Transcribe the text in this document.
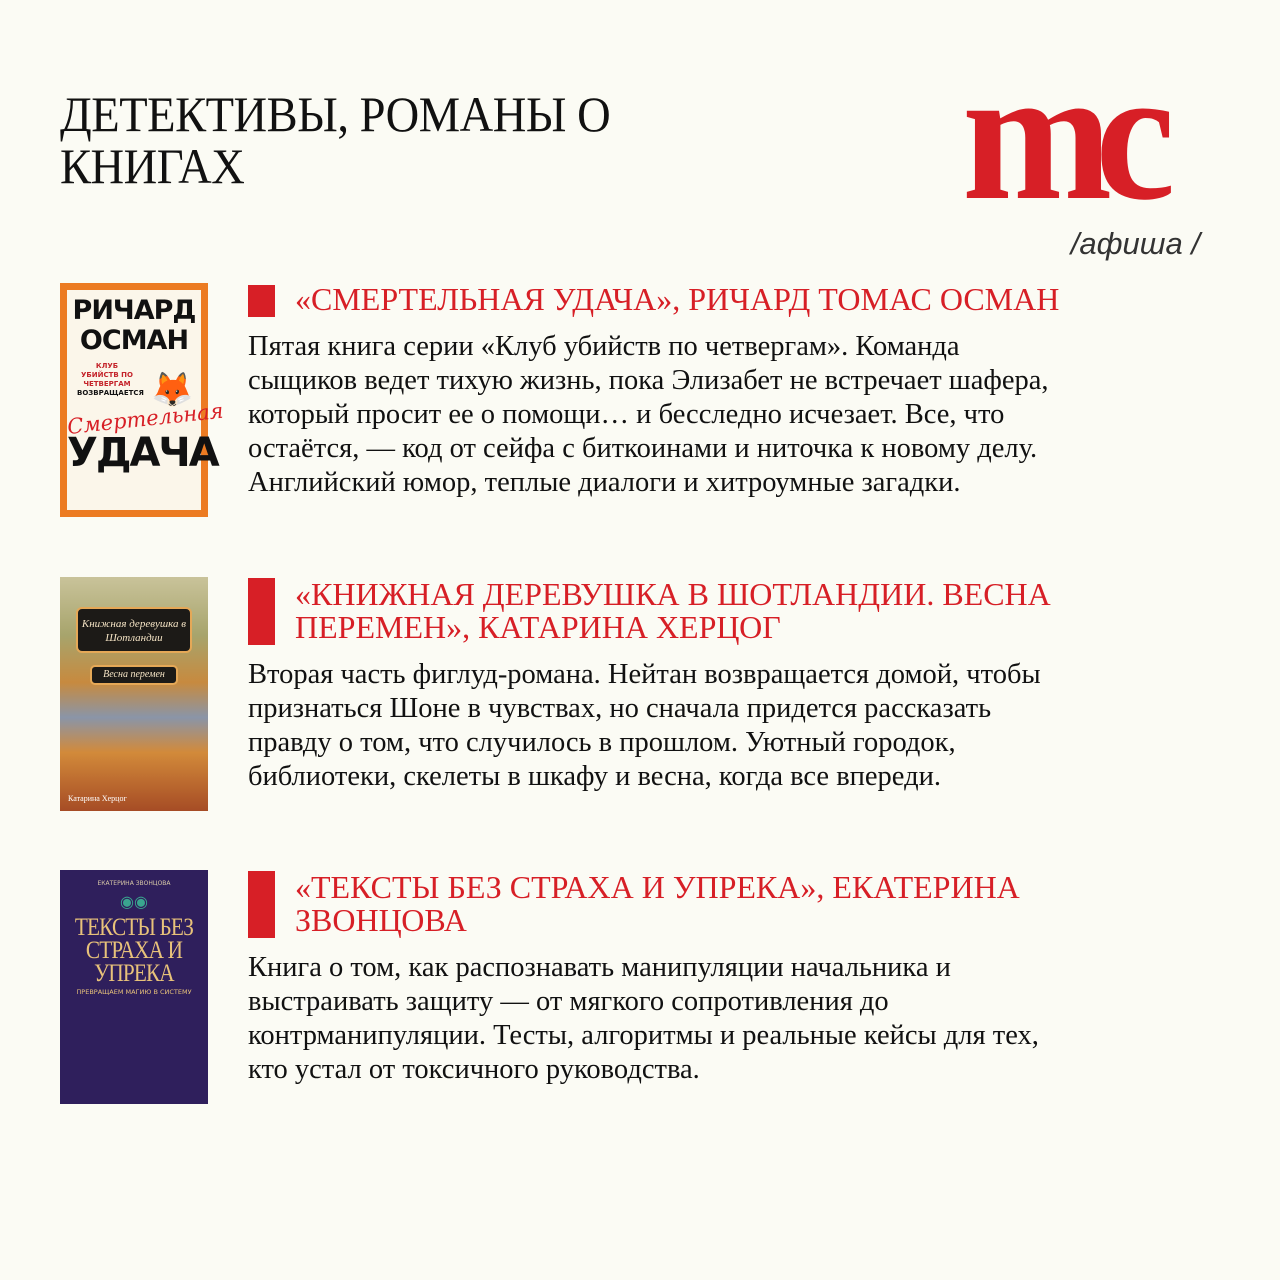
ДЕТЕКТИВЫ, РОМАНЫ О
КНИГАХ	mc
/афиша /
РИЧАРД ОСМАН
КЛУБ УБИЙСТВ ПО ЧЕТВЕРГАМ
ВОЗВРАЩАЕТСЯ 🦊
Смертельная
УДАЧА
«СМЕРТЕЛЬНАЯ УДАЧА», РИЧАРД ТОМАС ОСМАН
Пятая книга серии «Клуб убийств по четвергам». Команда
сыщиков ведет тихую жизнь, пока Элизабет не встречает шафера,
который просит ее о помощи… и бесследно исчезает. Все, что
остаётся, — код от сейфа с биткоинами и ниточка к новому делу.
Английский юмор, теплые диалоги и хитроумные загадки.
Книжная деревушка в Шотландии
Весна перемен
Катарина Херцог
«КНИЖНАЯ ДЕРЕВУШКА В ШОТЛАНДИИ. ВЕСНА
ПЕРЕМЕН», КАТАРИНА ХЕРЦОГ
Вторая часть фиглуд-романа. Нейтан возвращается домой, чтобы
признаться Шоне в чувствах, но сначала придется рассказать
правду о том, что случилось в прошлом. Уютный городок,
библиотеки, скелеты в шкафу и весна, когда все впереди.
ЕКАТЕРИНА ЗВОНЦОВА
◉◉
ТЕКСТЫ БЕЗ СТРАХА И УПРЕКА
ПРЕВРАЩАЕМ МАГИЮ В СИСТЕМУ
«ТЕКСТЫ БЕЗ СТРАХА И УПРЕКА», ЕКАТЕРИНА
ЗВОНЦОВА
Книга о том, как распознавать манипуляции начальника и
выстраивать защиту — от мягкого сопротивления до
контрманипуляции. Тесты, алгоритмы и реальные кейсы для тех,
кто устал от токсичного руководства.
